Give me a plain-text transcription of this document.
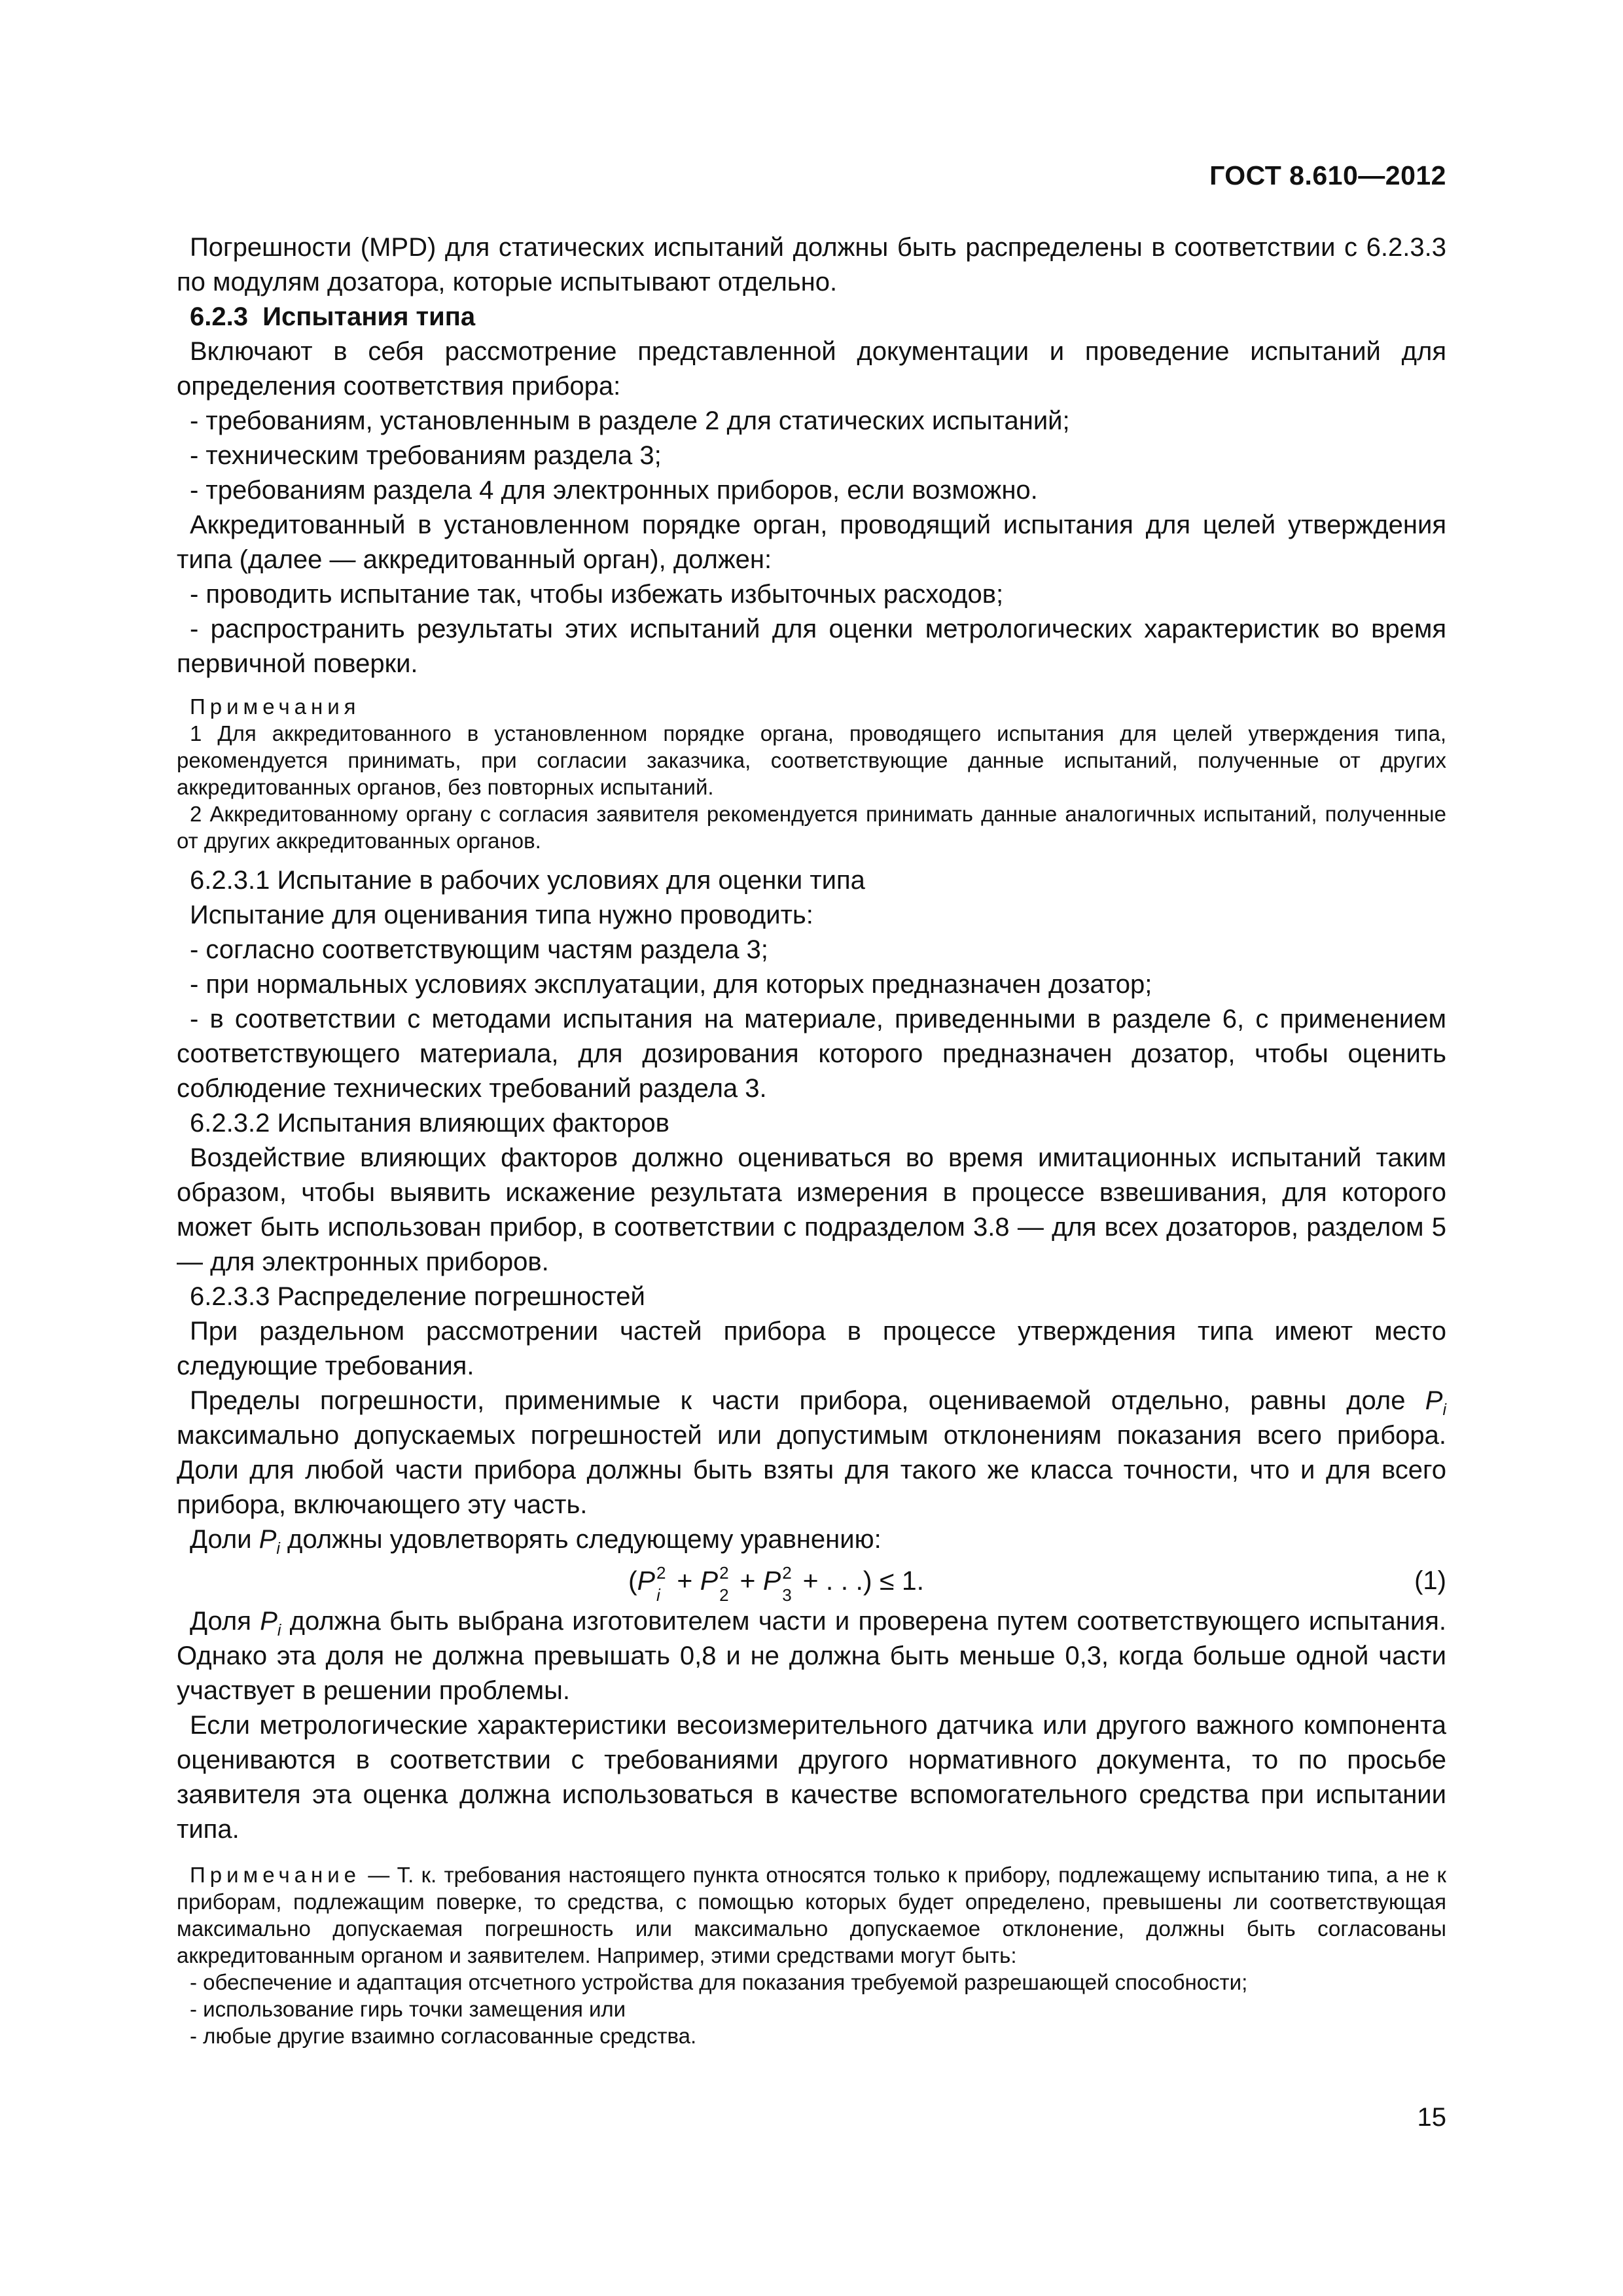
ГОСТ 8.610—2012

Погрешности (MPD) для статических испытаний должны быть распределены в соответствии с 6.2.3.3 по модулям дозатора, которые испытывают отдельно.

6.2.3 Испытания типа

Включают в себя рассмотрение представленной документации и проведение испытаний для определения соответствия прибора:

- требованиям, установленным в разделе 2 для статических испытаний;
- техническим требованиям раздела 3;
- требованиям раздела 4 для электронных приборов, если возможно.

Аккредитованный в установленном порядке орган, проводящий испытания для целей утверждения типа (далее — аккредитованный орган), должен:

- проводить испытание так, чтобы избежать избыточных расходов;
- распространить результаты этих испытаний для оценки метрологических характеристик во время первичной поверки.

Примечания

1 Для аккредитованного в установленном порядке органа, проводящего испытания для целей утверждения типа, рекомендуется принимать, при согласии заказчика, соответствующие данные испытаний, полученные от других аккредитованных органов, без повторных испытаний.

2 Аккредитованному органу с согласия заявителя рекомендуется принимать данные аналогичных испытаний, полученные от других аккредитованных органов.

6.2.3.1 Испытание в рабочих условиях для оценки типа

Испытание для оценивания типа нужно проводить:

- согласно соответствующим частям раздела 3;
- при нормальных условиях эксплуатации, для которых предназначен дозатор;
- в соответствии с методами испытания на материале, приведенными в разделе 6, с применением соответствующего материала, для дозирования которого предназначен дозатор, чтобы оценить соблюдение технических требований раздела 3.

6.2.3.2 Испытания влияющих факторов

Воздействие влияющих факторов должно оцениваться во время имитационных испытаний таким образом, чтобы выявить искажение результата измерения в процессе взвешивания, для которого может быть использован прибор, в соответствии с подразделом 3.8 — для всех дозаторов, разделом 5 — для электронных приборов.

6.2.3.3 Распределение погрешностей

При раздельном рассмотрении частей прибора в процессе утверждения типа имеют место следующие требования.

Пределы погрешности, применимые к части прибора, оцениваемой отдельно, равны доле $P_i$ максимально допускаемых погрешностей или допустимым отклонениям показания всего прибора. Доли для любой части прибора должны быть взяты для такого же класса точности, что и для всего прибора, включающего эту часть.

Доли $P_i$ должны удовлетворять следующему уравнению:

(P 2
i + P 2
2 + P 2
3 + . . .) ≤ 1.	(1)

Доля $P_i$ должна быть выбрана изготовителем части и проверена путем соответствующего испытания. Однако эта доля не должна превышать 0,8 и не должна быть меньше 0,3, когда больше одной части участвует в решении проблемы.

Если метрологические характеристики весоизмерительного датчика или другого важного компонента оцениваются в соответствии с требованиями другого нормативного документа, то по просьбе заявителя эта оценка должна использоваться в качестве вспомогательного средства при испытании типа.

Примечание — Т. к. требования настоящего пункта относятся только к прибору, подлежащему испытанию типа, а не к приборам, подлежащим поверке, то средства, с помощью которых будет определено, превышены ли соответствующая максимально допускаемая погрешность или максимально допускаемое отклонение, должны быть согласованы аккредитованным органом и заявителем. Например, этими средствами могут быть:

- обеспечение и адаптация отсчетного устройства для показания требуемой разрешающей способности;
- использование гирь точки замещения или
- любые другие взаимно согласованные средства.
15
